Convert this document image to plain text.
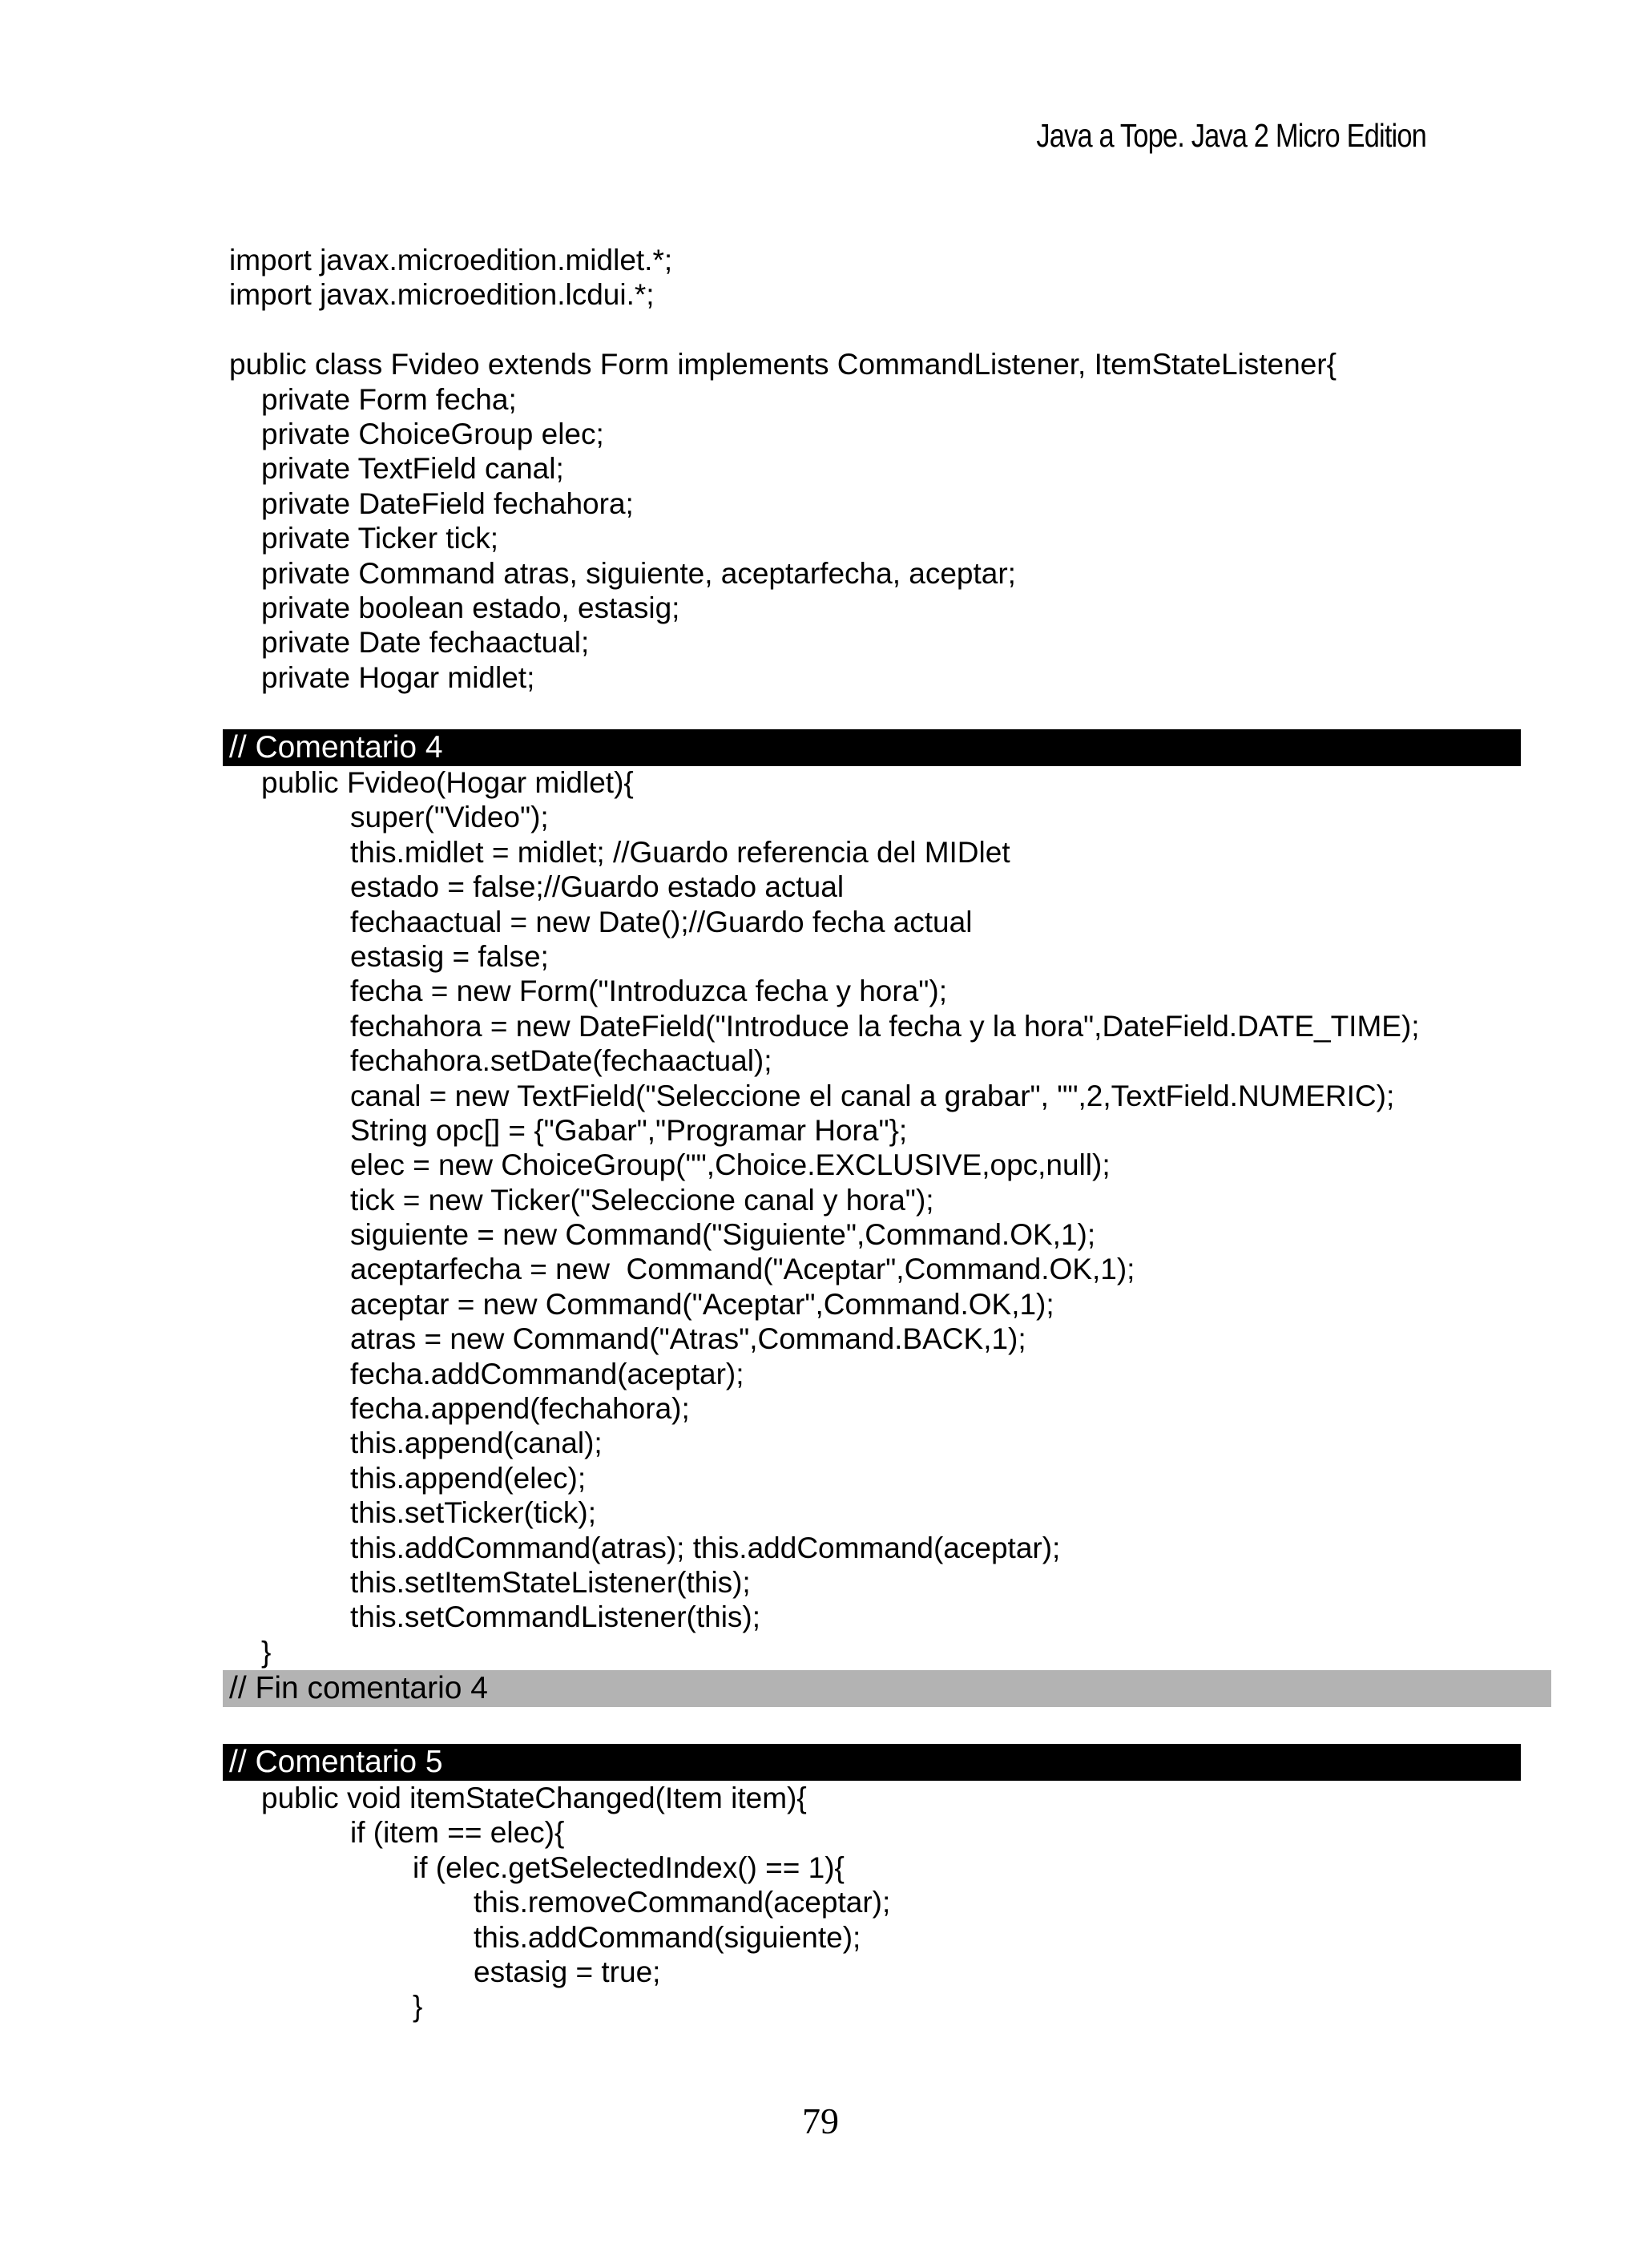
Java a Tope. Java 2 Micro Edition
import javax.microedition.midlet.*;
import javax.microedition.lcdui.*;
public class Fvideo extends Form implements CommandListener, ItemStateListener{
private Form fecha;
private ChoiceGroup elec;
private TextField canal;
private DateField fechahora;
private Ticker tick;
private Command atras, siguiente, aceptarfecha, aceptar;
private boolean estado, estasig;
private Date fechaactual;
private Hogar midlet;
// Comentario 4
public Fvideo(Hogar midlet){
super("Video");
this.midlet = midlet; //Guardo referencia del MIDlet
estado = false;//Guardo estado actual
fechaactual = new Date();//Guardo fecha actual
estasig = false;
fecha = new Form("Introduzca fecha y hora");
fechahora = new DateField("Introduce la fecha y la hora",DateField.DATE_TIME);
fechahora.setDate(fechaactual);
canal = new TextField("Seleccione el canal a grabar", "",2,TextField.NUMERIC);
String opc[] = {"Gabar","Programar Hora"};
elec = new ChoiceGroup("",Choice.EXCLUSIVE,opc,null);
tick = new Ticker("Seleccione canal y hora");
siguiente = new Command("Siguiente",Command.OK,1);
aceptarfecha = new  Command("Aceptar",Command.OK,1);
aceptar = new Command("Aceptar",Command.OK,1);
atras = new Command("Atras",Command.BACK,1);
fecha.addCommand(aceptar);
fecha.append(fechahora);
this.append(canal);
this.append(elec);
this.setTicker(tick);
this.addCommand(atras); this.addCommand(aceptar);
this.setItemStateListener(this);
this.setCommandListener(this);
}
// Fin comentario 4
// Comentario 5
public void itemStateChanged(Item item){
if (item == elec){
if (elec.getSelectedIndex() == 1){
this.removeCommand(aceptar);
this.addCommand(siguiente);
estasig = true;
}
79
